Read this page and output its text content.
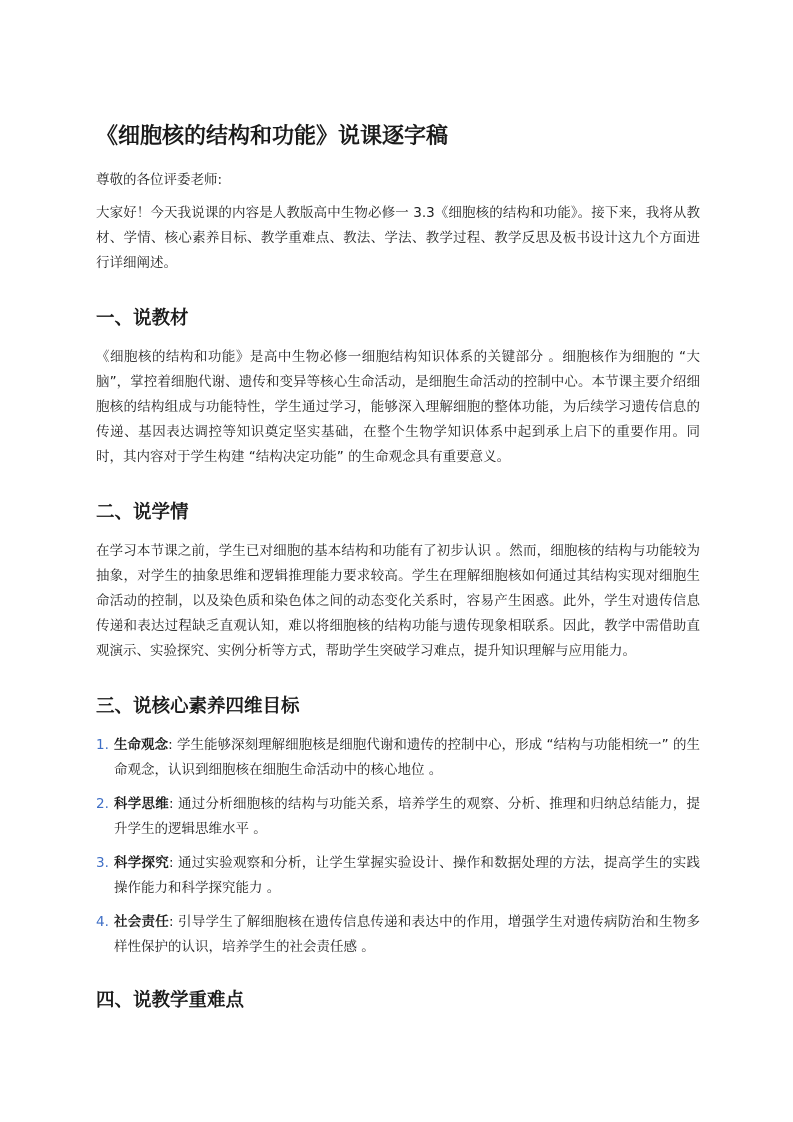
《细胞核的结构和功能》说课逐字稿

尊敬的各位评委老师:

大家好！今天我说课的内容是人教版高中生物必修一 3.3《细胞核的结构和功能》。接下来，我将从教材、学情、核心素养目标、教学重难点、教法、学法、教学过程、教学反思及板书设计这九个方面进行详细阐述。

一、说教材

《细胞核的结构和功能》是高中生物必修一细胞结构知识体系的关键部分 。细胞核作为细胞的 “大脑”，掌控着细胞代谢、遗传和变异等核心生命活动，是细胞生命活动的控制中心。本节课主要介绍细胞核的结构组成与功能特性，学生通过学习，能够深入理解细胞的整体功能，为后续学习遗传信息的传递、基因表达调控等知识奠定坚实基础，在整个生物学知识体系中起到承上启下的重要作用。同时，其内容对于学生构建 “结构决定功能” 的生命观念具有重要意义。

二、说学情

在学习本节课之前，学生已对细胞的基本结构和功能有了初步认识 。然而，细胞核的结构与功能较为抽象，对学生的抽象思维和逻辑推理能力要求较高。学生在理解细胞核如何通过其结构实现对细胞生命活动的控制，以及染色质和染色体之间的动态变化关系时，容易产生困惑。此外，学生对遗传信息传递和表达过程缺乏直观认知，难以将细胞核的结构功能与遗传现象相联系。因此，教学中需借助直观演示、实验探究、实例分析等方式，帮助学生突破学习难点，提升知识理解与应用能力。

三、说核心素养四维目标
1. 生命观念: 学生能够深刻理解细胞核是细胞代谢和遗传的控制中心，形成 “结构与功能相统一” 的生命观念，认识到细胞核在细胞生命活动中的核心地位 。
2. 科学思维: 通过分析细胞核的结构与功能关系，培养学生的观察、分析、推理和归纳总结能力，提升学生的逻辑思维水平 。
3. 科学探究: 通过实验观察和分析，让学生掌握实验设计、操作和数据处理的方法，提高学生的实践操作能力和科学探究能力 。
4. 社会责任: 引导学生了解细胞核在遗传信息传递和表达中的作用，增强学生对遗传病防治和生物多样性保护的认识，培养学生的社会责任感 。
四、说教学重难点
